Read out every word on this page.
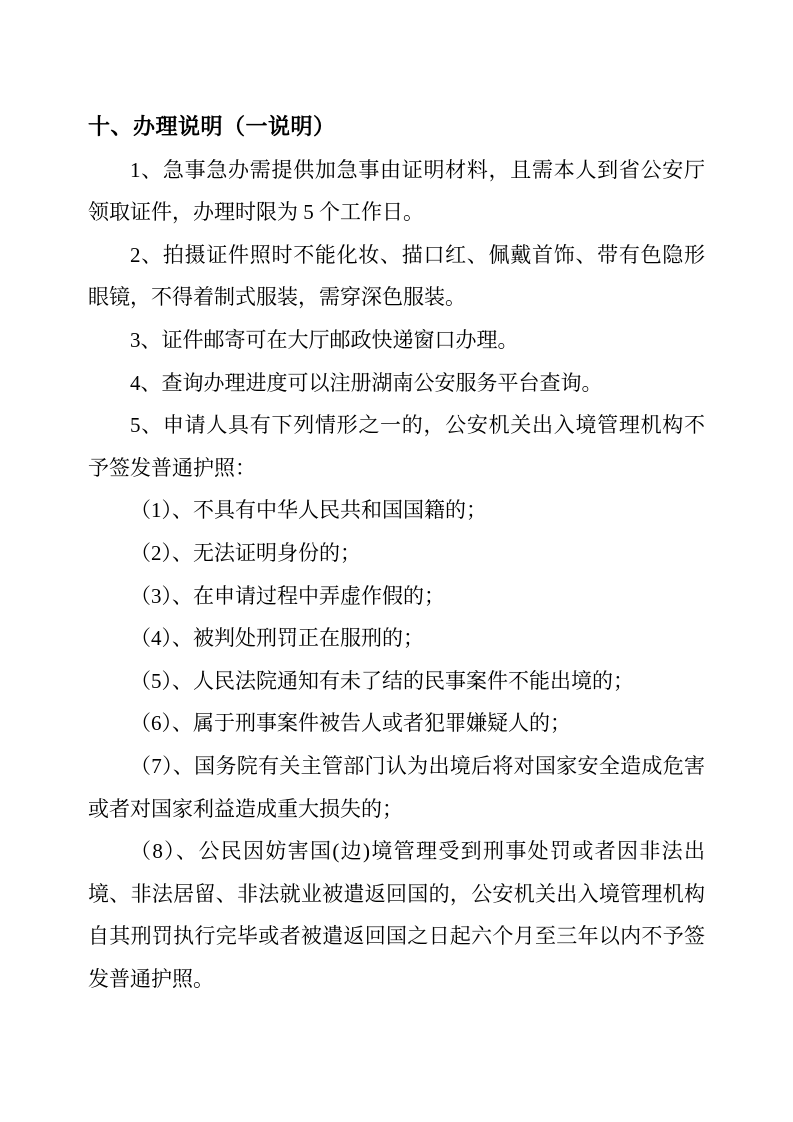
十、办理说明（一说明）

1、急事急办需提供加急事由证明材料，且需本人到省公安厅领取证件，办理时限为 5 个工作日。

2、拍摄证件照时不能化妆、描口红、佩戴首饰、带有色隐形眼镜，不得着制式服装，需穿深色服装。

3、证件邮寄可在大厅邮政快递窗口办理。

4、查询办理进度可以注册湖南公安服务平台查询。

5、申请人具有下列情形之一的，公安机关出入境管理机构不予签发普通护照：

（1）、不具有中华人民共和国国籍的；

（2）、无法证明身份的；

（3）、在申请过程中弄虚作假的；

（4）、被判处刑罚正在服刑的；

（5）、人民法院通知有未了结的民事案件不能出境的；

（6）、属于刑事案件被告人或者犯罪嫌疑人的；

（7）、国务院有关主管部门认为出境后将对国家安全造成危害或者对国家利益造成重大损失的；

（8）、公民因妨害国(边)境管理受到刑事处罚或者因非法出境、非法居留、非法就业被遣返回国的，公安机关出入境管理机构自其刑罚执行完毕或者被遣返回国之日起六个月至三年以内不予签发普通护照。
